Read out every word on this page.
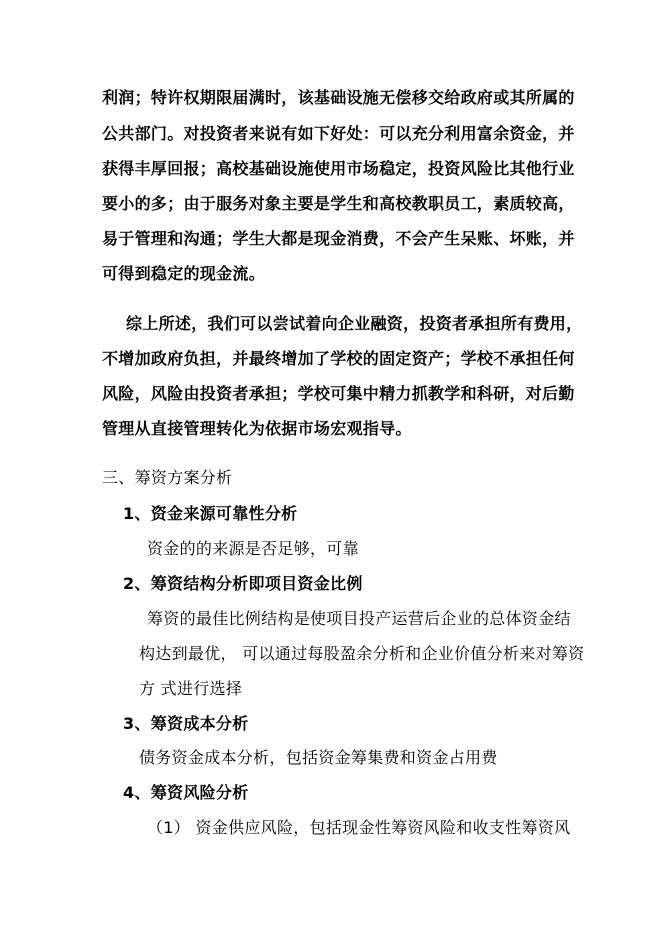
利润；特许权期限届满时，该基础设施无偿移交给政府或其所属的
公共部门。对投资者来说有如下好处：可以充分利用富余资金，并
获得丰厚回报；高校基础设施使用市场稳定，投资风险比其他行业
要小的多；由于服务对象主要是学生和高校教职员工，素质较高，
易于管理和沟通；学生大都是现金消费，不会产生呆账、坏账，并
可得到稳定的现金流。
综上所述，我们可以尝试着向企业融资，投资者承担所有费用，
不增加政府负担，并最终增加了学校的固定资产；学校不承担任何
风险，风险由投资者承担；学校可集中精力抓教学和科研，对后勤
管理从直接管理转化为依据市场宏观指导。
三、筹资方案分析
1、资金来源可靠性分析
资金的的来源是否足够，可靠
2、筹资结构分析即项目资金比例
筹资的最佳比例结构是使项目投产运营后企业的总体资金结
构达到最优， 可以通过每股盈余分析和企业价值分析来对筹资
方 式进行选择
3、筹资成本分析
债务资金成本分析，包括资金筹集费和资金占用费
4、筹资风险分析
（1） 资金供应风险，包括现金性筹资风险和收支性筹资风
